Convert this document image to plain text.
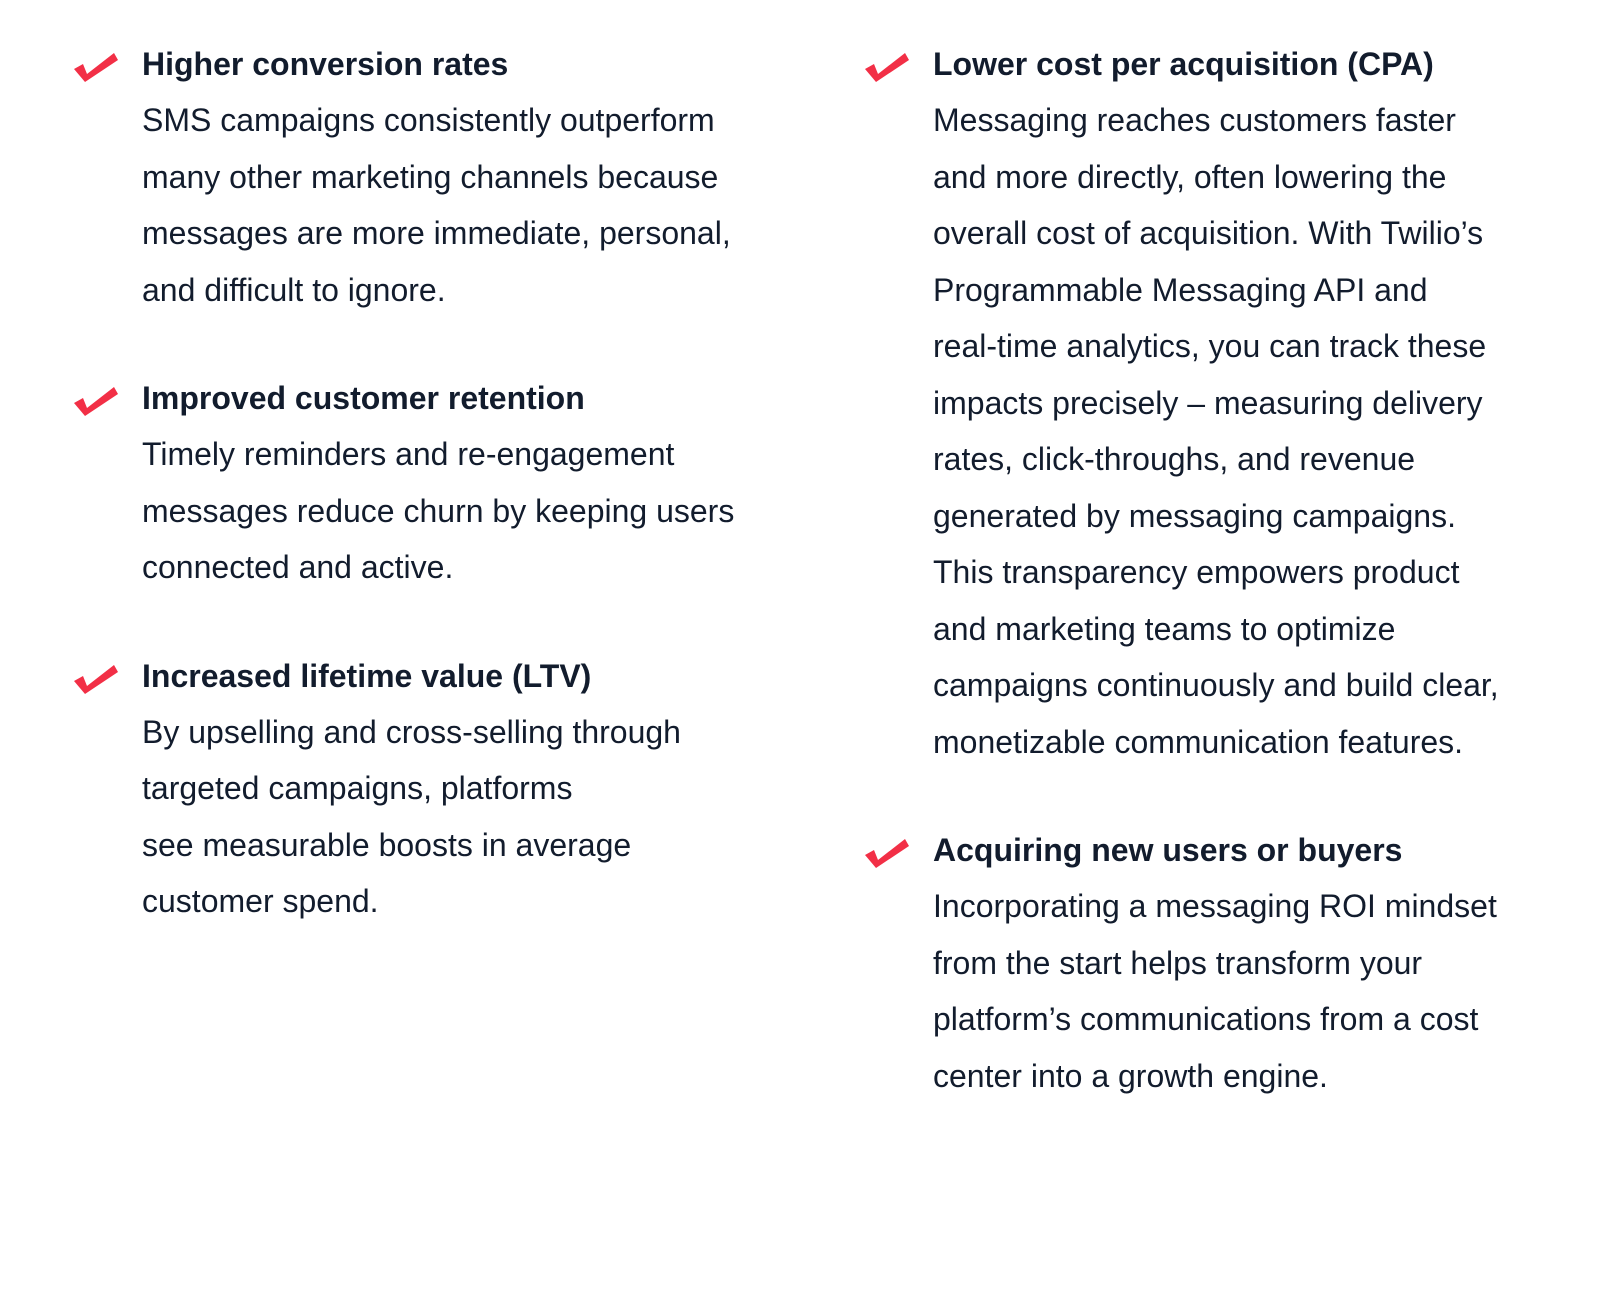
Higher conversion rates
SMS campaigns consistently outperform
many other marketing channels because
messages are more immediate, personal,
and difficult to ignore.
Improved customer retention
Timely reminders and re-engagement
messages reduce churn by keeping users
connected and active.
Increased lifetime value (LTV)
By upselling and cross-selling through
targeted campaigns, platforms
see measurable boosts in average
customer spend.
Lower cost per acquisition (CPA)
Messaging reaches customers faster
and more directly, often lowering the
overall cost of acquisition. With Twilio’s
Programmable Messaging API and
real-time analytics, you can track these
impacts precisely – measuring delivery
rates, click-throughs, and revenue
generated by messaging campaigns.
This transparency empowers product
and marketing teams to optimize
campaigns continuously and build clear,
monetizable communication features.
Acquiring new users or buyers
Incorporating a messaging ROI mindset
from the start helps transform your
platform’s communications from a cost
center into a growth engine.
